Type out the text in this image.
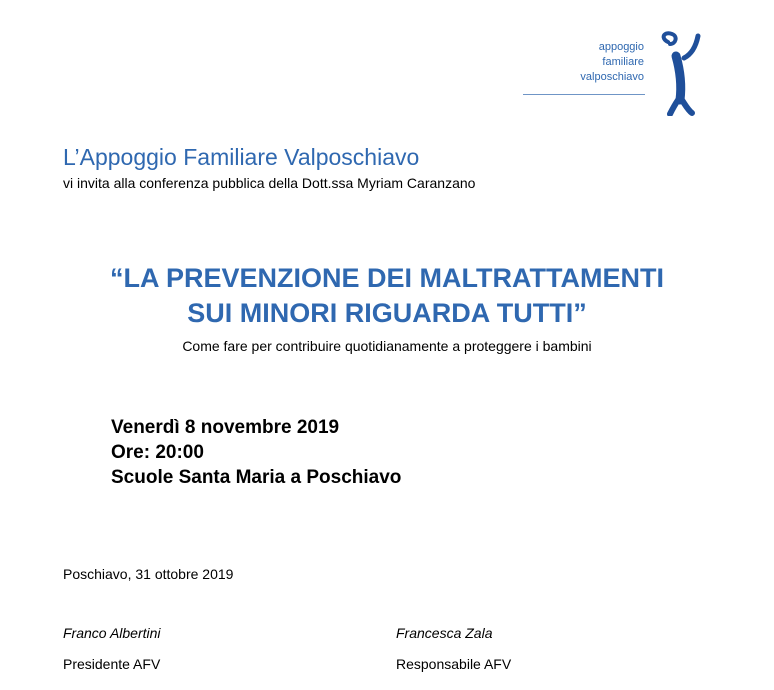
appoggio
familiare
valposchiavo
L’Appoggio Familiare Valposchiavo
vi invita alla conferenza pubblica della Dott.ssa Myriam Caranzano
“LA PREVENZIONE DEI MALTRATTAMENTI
SUI MINORI RIGUARDA TUTTI”
Come fare per contribuire quotidianamente a proteggere i bambini
Venerdì 8 novembre 2019
Ore: 20:00
Scuole Santa Maria a Poschiavo
Poschiavo, 31 ottobre 2019
Franco Albertini
Presidente AFV
Francesca Zala
Responsabile AFV
